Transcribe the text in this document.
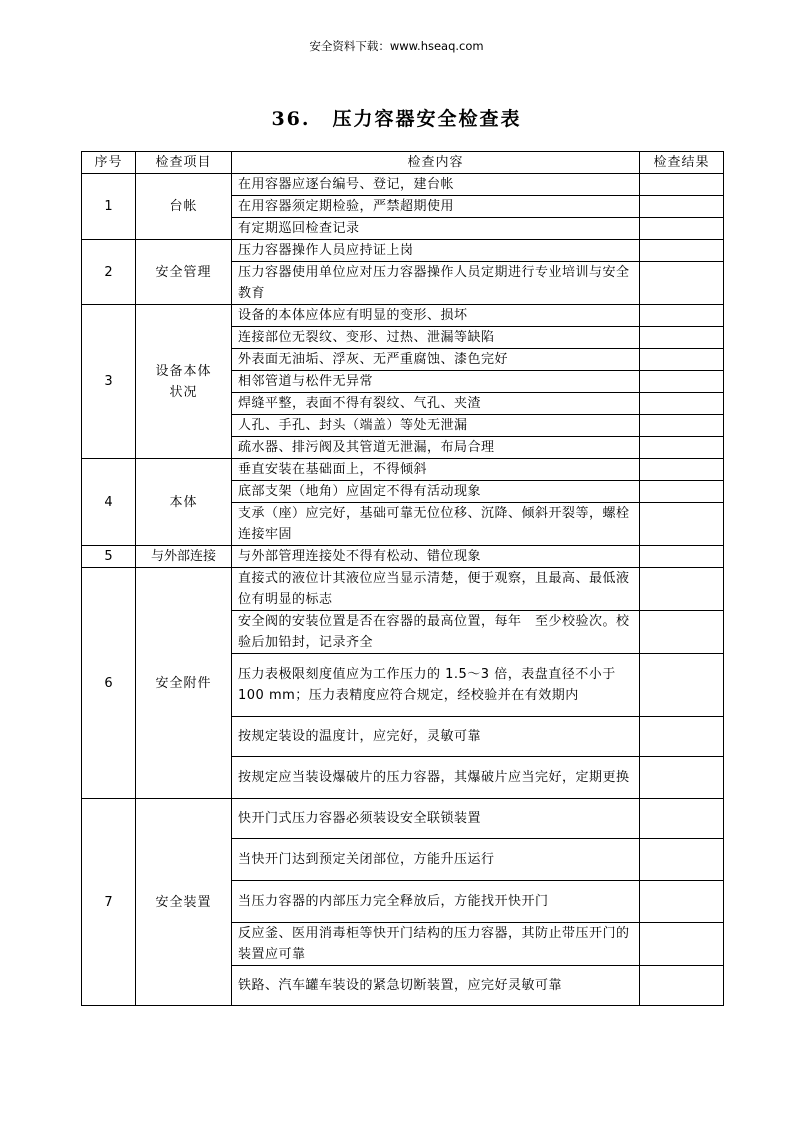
安全资料下载：www.hseaq.com
36. 压力容器安全检查表
序号	检查项目	检查内容	检查结果
1	台帐	在用容器应逐台编号、登记，建台帐	
		在用容器须定期检验，严禁超期使用	
		有定期巡回检查记录	
2	安全管理	压力容器操作人员应持证上岗	
		压力容器使用单位应对压力容器操作人员定期进行专业培训与安全教育	
3	设备本体状况	设备的本体应体应有明显的变形、损坏	
		连接部位无裂纹、变形、过热、泄漏等缺陷	
		外表面无油垢、浮灰、无严重腐蚀、漆色完好	
		相邻管道与松件无异常	
		焊缝平整，表面不得有裂纹、气孔、夹渣	
		人孔、手孔、封头（端盖）等处无泄漏	
		疏水器、排污阀及其管道无泄漏，布局合理	
4	本体	垂直安装在基础面上，不得倾斜	
		底部支架（地角）应固定不得有活动现象	
		支承（座）应完好，基础可靠无位位移、沉降、倾斜开裂等，螺栓连接牢固	
5	与外部连接	与外部管理连接处不得有松动、错位现象	
6	安全附件	直接式的液位计其液位应当显示清楚，便于观察，且最高、最低液位有明显的标志	
		安全阀的安装位置是否在容器的最高位置，每年　至少校验次。校验后加铅封，记录齐全	
		压力表极限刻度值应为工作压力的 1.5～3 倍，表盘直径不小于 100 mm；压力表精度应符合规定，经校验并在有效期内	
		按规定装设的温度计，应完好，灵敏可靠	
		按规定应当装设爆破片的压力容器，其爆破片应当完好，定期更换	
7	安全装置	快开门式压力容器必须装设安全联锁装置	
		当快开门达到预定关闭部位，方能升压运行	
		当压力容器的内部压力完全释放后，方能找开快开门	
		反应釜、医用消毒柜等快开门结构的压力容器，其防止带压开门的装置应可靠	
		铁路、汽车罐车装设的紧急切断装置，应完好灵敏可靠	
